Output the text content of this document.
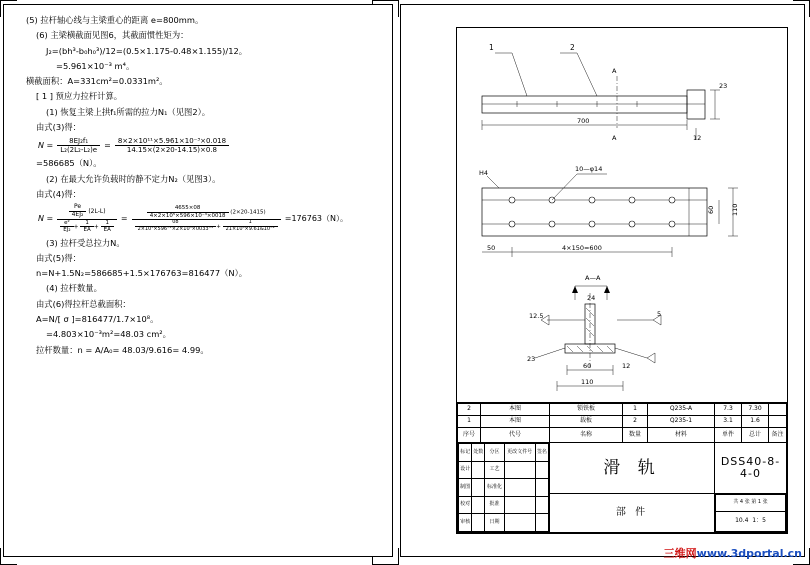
(5) 拉杆轴心线与主梁重心的距离 e=800mm。

(6) 主梁横截面见图6，其截面惯性矩为：

J₂=(bh³-b₀h₀³)/12=(0.5×1.175-0.48×1.155)/12。

=5.961×10⁻³ m⁴。

横截面积：A=331cm²=0.0331m²。

[ 1 ] 预应力拉杆计算。

(1) 恢复主梁上拱f₁所需的拉力N₁（见图2）。

由式(3)得：

$N = \frac{\text{8EJ₂f₁}}{\text{L₂(2L₂-L₂)e}} = \frac{\text{8×2×10¹¹×5.961×10⁻³×0.018}}{14.15\times(2\times 20-14.15)\times 0.8}$

=586685（N）。

(2) 在最大允许负载时的静不定力N₂（见图3）。

由式(4)得：

N =	$\frac{Pe}{\text{4EJ₂}} (2L-L)$
$\frac{\text{e²}}{\text{EJ₂}} + \frac{1}{EA} + \frac{1}{EA}$
=	$\frac{4655\times 08}{\text{4×2×10⁵×596×10⁻³×0018}} (2\times 20-1415)$
$\frac{08}{\text{2×10⁵×596⁻²×2×10⁵×0033⁻³}} + \frac{1}{\text{21×10⁵×9.61\&10⁻²}}$
=176763（N）。

(3) 拉杆受总拉力N。

由式(5)得：

n=N+1.5N₂=586685+1.5×176763=816477（N）。

(4) 拉杆数量。

由式(6)得拉杆总截面积：

A=N/[ σ ]=816477/1.7×10⁸。

=4.803×10⁻³m²=48.03 cm²。

拉杆数量：n = A/A₀= 48.03/9.616= 4.99。

1	2
A
A
700
23
12
10—φ14
H4
4×150=600
50
60 110
A—A
24
12.5	5
23
60	12
110
2	本图	锁铁板	1	Q235-A	7.3	7.30	
1	本图	载板	2	Q235-1	3.1	1.6	
序号	代号	名称	数量	材料	单件	总计	备注

标记	处数	分区	更改文件号	签名
设计		工艺		
制图		标准化		
校对		批准		
审核		日期		
	滑 轨	DSS40-8-4-0
部 件	
共 4 张 第 1 张
10.4 1：5
三维网www.3dportal.cn
